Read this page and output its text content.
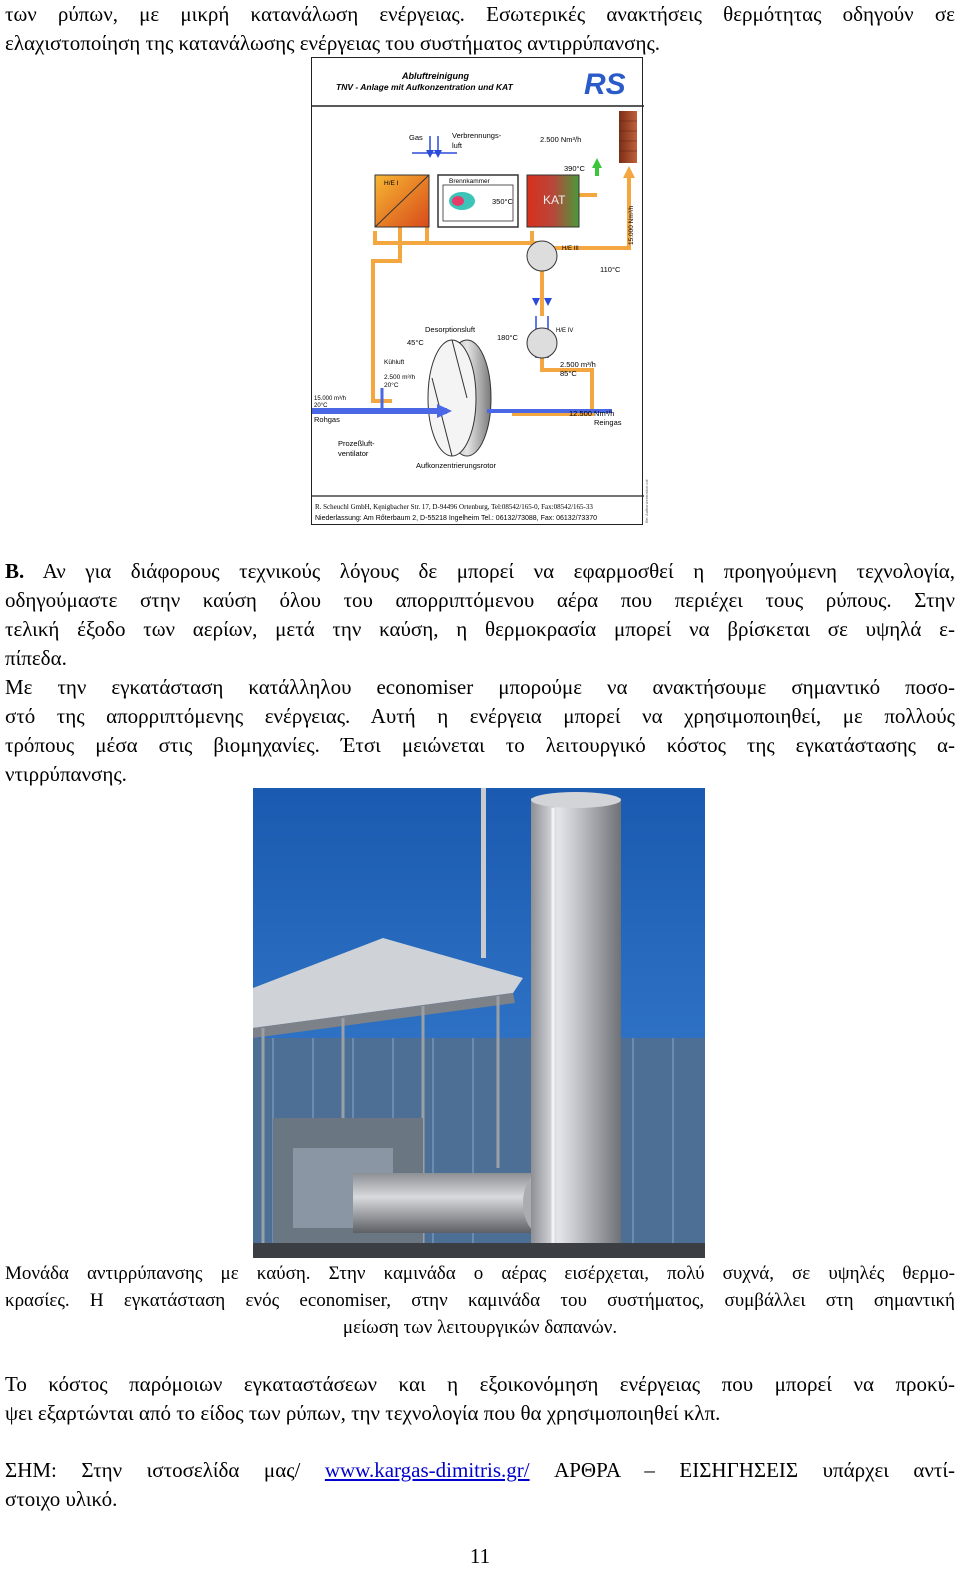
των ρύπων, με μικρή κατανάλωση ενέργειας. Εσωτερικές ανακτήσεις θερμότητας οδηγούν σε
ελαχιστοποίηση της κατανάλωσης ενέργειας του συστήματος αντιρρύπανσης.
Abluftreinigung
TNV - Anlage mit Aufkonzentration und KAT RS
Gas	Verbrennungs-
luft
2.500 Nm³/h
390°C
H/E I	Brennkammer
350°C	KAT
H/E III
110°C
Desorptionsluft
45°C
180°C
H/E IV
Kühluft
2.500 m³/h
20°C
2.500 m³/h
85°C
15.000 m³/h
20°C
Rohgas
12.500 Nm³/h
Reingas
Prozeßluft-
ventilator
Aufkonzentrierungsrotor
15.000 Nm³/h
file: Aufkonzentration.cdr
R. Scheuchl GmbH, Kęnigbacher Str. 17, D-94496 Ortenburg, Tel:08542/165-0, Fax:08542/165-33
Niederlassung: Am Rőterbaum 2, D-55218 Ingelheim Tel.: 06132/73088, Fax: 06132/73370
Β. Αν για διάφορους τεχνικούς λόγους δε μπορεί να εφαρμοσθεί η προηγούμενη τεχνολογία,
οδηγούμαστε στην καύση όλου του απορριπτόμενου αέρα που περιέχει τους ρύπους. Στην
τελική έξοδο των αερίων, μετά την καύση, η θερμοκρασία μπορεί να βρίσκεται σε υψηλά ε-
πίπεδα.
Με την εγκατάσταση κατάλληλου economiser μπορούμε να ανακτήσουμε σημαντικό ποσο-
στό της απορριπτόμενης ενέργειας. Αυτή η ενέργεια μπορεί να χρησιμοποιηθεί, με πολλούς
τρόπους μέσα στις βιομηχανίες. Έτσι μειώνεται το λειτουργικό κόστος της εγκατάστασης α-
ντιρρύπανσης.
Μονάδα αντιρρύπανσης με καύση. Στην καμινάδα ο αέρας εισέρχεται, πολύ συχνά, σε υψηλές θερμο-
κρασίες. Η εγκατάσταση ενός economiser, στην καμινάδα του συστήματος, συμβάλλει στη σημαντική
μείωση των λειτουργικών δαπανών.
Το κόστος παρόμοιων εγκαταστάσεων και η εξοικονόμηση ενέργειας που μπορεί να προκύ-
ψει εξαρτώνται από το είδος των ρύπων, την τεχνολογία που θα χρησιμοποιηθεί κλπ.
ΣΗΜ: Στην ιστοσελίδα μας/ www.kargas-dimitris.gr/ ΑΡΘΡΑ – ΕΙΣΗΓΗΣΕΙΣ υπάρχει αντί-
στοιχο υλικό.
11
